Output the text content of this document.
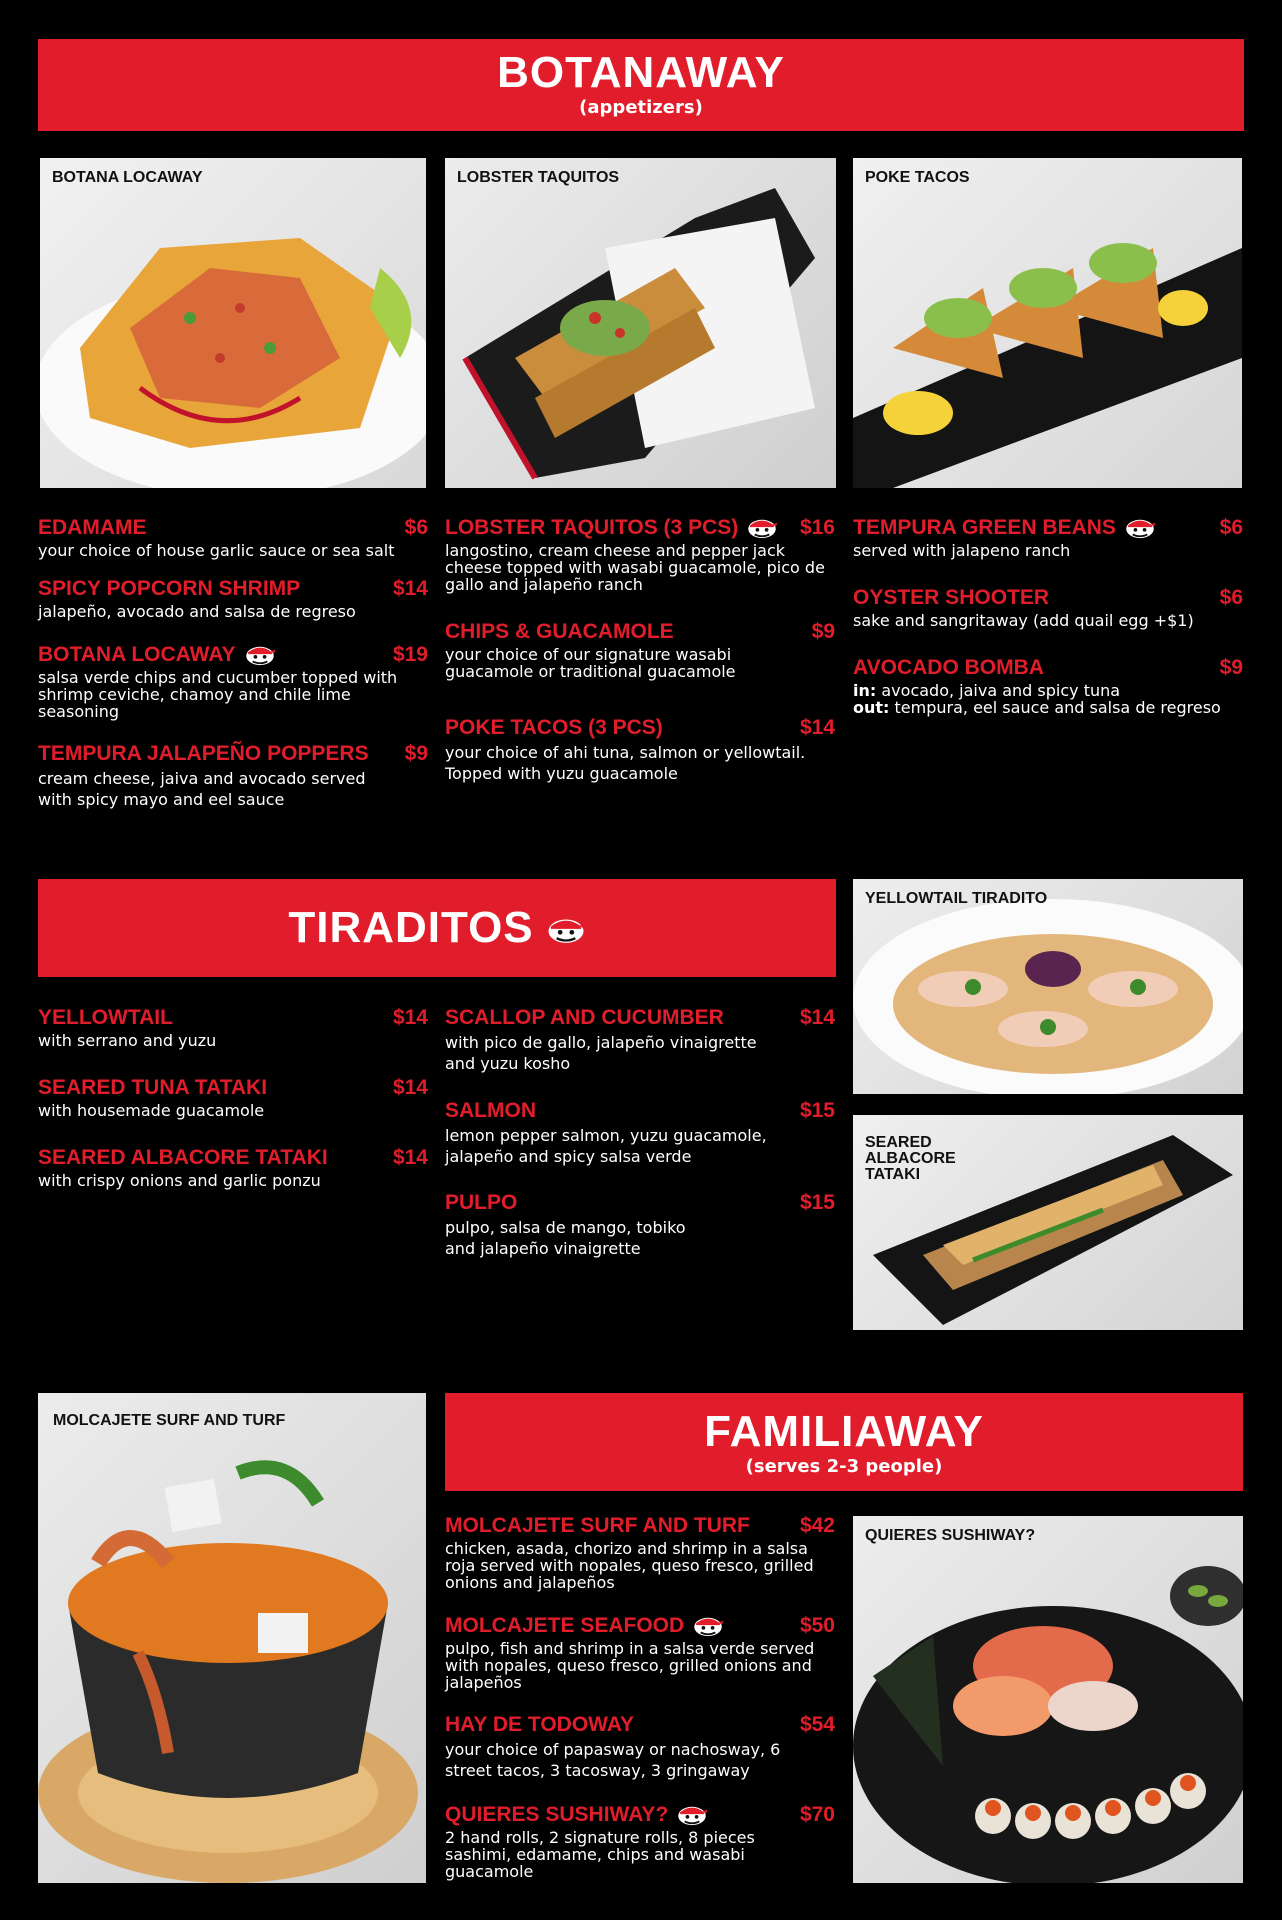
BOTANAWAY
(appetizers)
BOTANA LOCAWAY	LOBSTER TAQUITOS	POKE TACOS
EDAMAME	$6
your choice of house garlic sauce or sea salt
SPICY POPCORN SHRIMP	$14
jalapeño, avocado and salsa de regreso
BOTANA LOCAWAY	$19
salsa verde chips and cucumber topped with shrimp ceviche, chamoy and chile lime seasoning
TEMPURA JALAPEÑO POPPERS	$9
cream cheese, jaiva and avocado served with spicy mayo and eel sauce
LOBSTER TAQUITOS (3 PCS)	$16
langostino, cream cheese and pepper jack cheese topped with wasabi guacamole, pico de gallo and jalapeño ranch
CHIPS & GUACAMOLE	$9
your choice of our signature wasabi guacamole or traditional guacamole
POKE TACOS (3 PCS)	$14
your choice of ahi tuna, salmon or yellowtail. Topped with yuzu guacamole
TEMPURA GREEN BEANS	$6
served with jalapeno ranch
OYSTER SHOOTER	$6
sake and sangritaway (add quail egg +$1)
AVOCADO BOMBA	$9
in: avocado, jaiva and spicy tuna
out: tempura, eel sauce and salsa de regreso
TIRADITOS
YELLOWTAIL TIRADITO
SEARED ALBACORE TATAKI
YELLOWTAIL	$14
with serrano and yuzu
SEARED TUNA TATAKI	$14
with housemade guacamole
SEARED ALBACORE TATAKI	$14
with crispy onions and garlic ponzu
SCALLOP AND CUCUMBER	$14
with pico de gallo, jalapeño vinaigrette and yuzu kosho
SALMON	$15
lemon pepper salmon, yuzu guacamole, jalapeño and spicy salsa verde
PULPO	$15
pulpo, salsa de mango, tobiko and jalapeño vinaigrette
MOLCAJETE SURF AND TURF	FAMILIAWAY
(serves 2-3 people)
MOLCAJETE SURF AND TURF	$42
chicken, asada, chorizo and shrimp in a salsa roja served with nopales, queso fresco, grilled onions and jalapeños
MOLCAJETE SEAFOOD	$50
pulpo, fish and shrimp in a salsa verde served with nopales, queso fresco, grilled onions and jalapeños
HAY DE TODOWAY	$54
your choice of papasway or nachosway, 6 street tacos, 3 tacosway, 3 gringaway
QUIERES SUSHIWAY?	$70
2 hand rolls, 2 signature rolls, 8 pieces sashimi, edamame, chips and wasabi guacamole
QUIERES SUSHIWAY?
